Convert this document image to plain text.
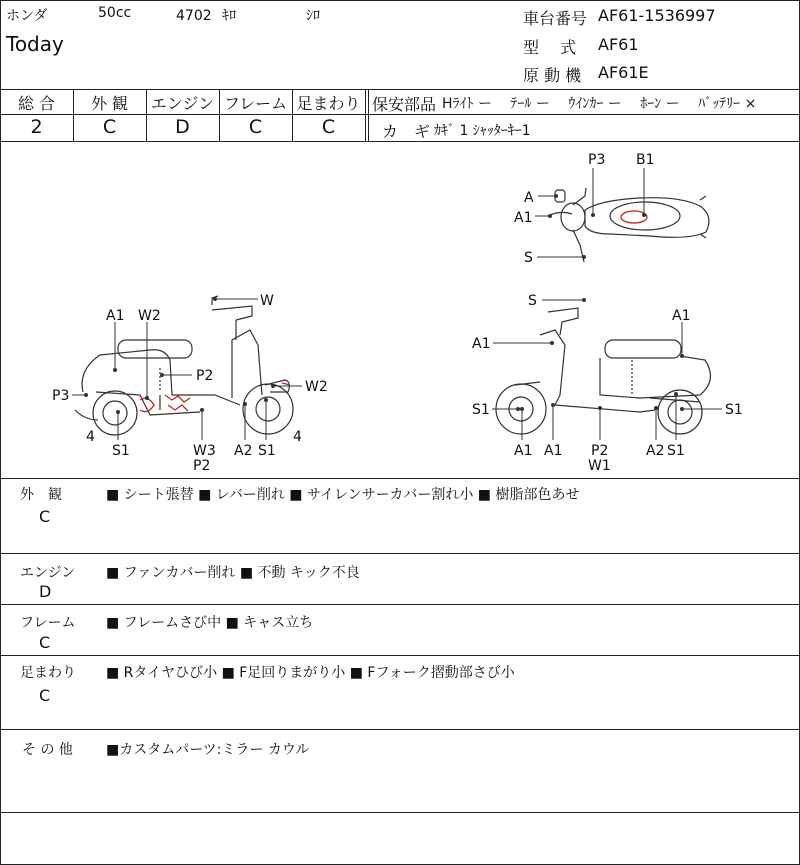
ホンダ	50cc	4702 ｷﾛ	ｼﾛ
Today
車台番号 AF61-1536997
型　 式 AF61
原 動 機 AF61E
総 合	外 観	エンジン フレーム 足まわり
2	C	D	C	C
保安部品 Hﾗｲﾄ ー　 ﾃｰﾙ ー　 ｳｲﾝｶｰ ー　 ﾎｰﾝ ー　 ﾊﾞｯﾃﾘｰ ×
カ　ギ ｶｷﾞ 1 ｼｬｯﾀｰｷｰ1
P3 B1
A
A1
S
W
A1 W2
P3
P2
W2
4
S1	W3
P2
A2 S1
4
S
A1
A1
S1	S1
A1 A1 P2
W1
A2 S1
外　観
C
■ シート張替 ■ レバー削れ ■ サイレンサーカバー割れ小 ■ 樹脂部色あせ
エンジン
D
■ ファンカバー削れ ■ 不動 キック不良
フレーム
C
■ フレームさび中 ■ キャス立ち
足まわり
C
■ Rタイヤひび小 ■ F足回りまがり小 ■ Fフォーク摺動部さび小
そ の 他 ■カスタムパーツ:ミラー カウル
